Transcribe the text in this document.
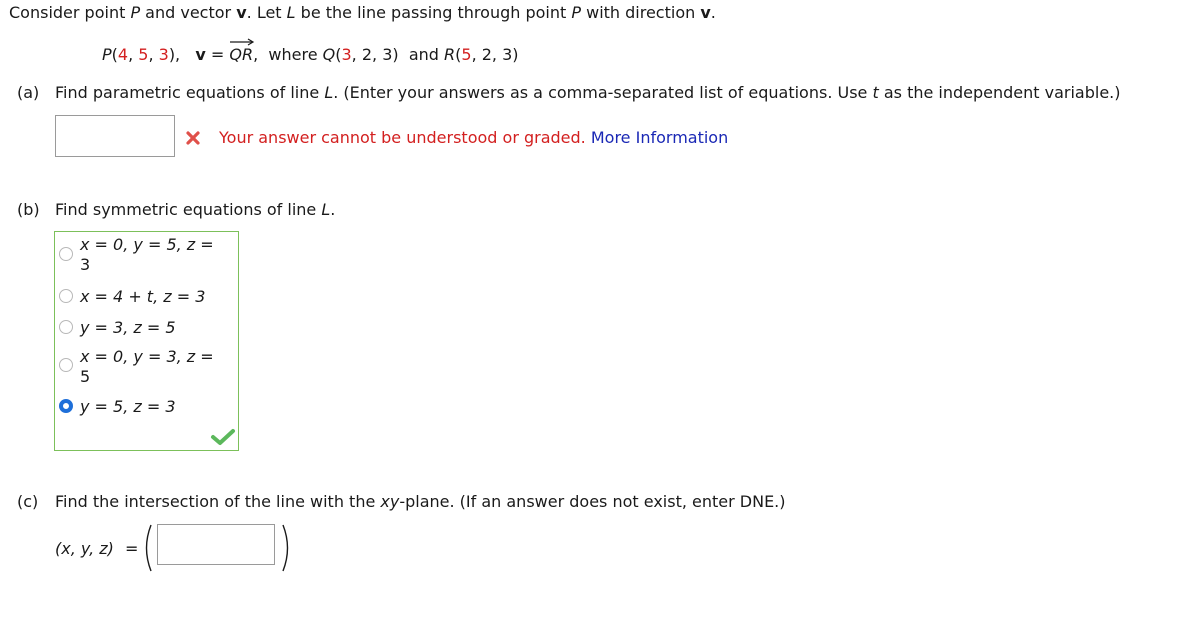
Consider point P and vector v. Let L be the line passing through point P with direction v.
P(4, 5, 3), v = QR
, where Q(3, 2, 3) and R(5, 2, 3)
(a) Find parametric equations of line L. (Enter your answers as a comma-separated list of equations. Use t as the independent variable.)
Your answer cannot be understood or graded. More Information
(b) Find symmetric equations of line L.
x = 0, y = 5, z =
3
x = 4 + t, z = 3
y = 3, z = 5
x = 0, y = 3, z =
5
y = 5, z = 3
(c) Find the intersection of the line with the xy-plane. (If an answer does not exist, enter DNE.)
(x, y, z) =
